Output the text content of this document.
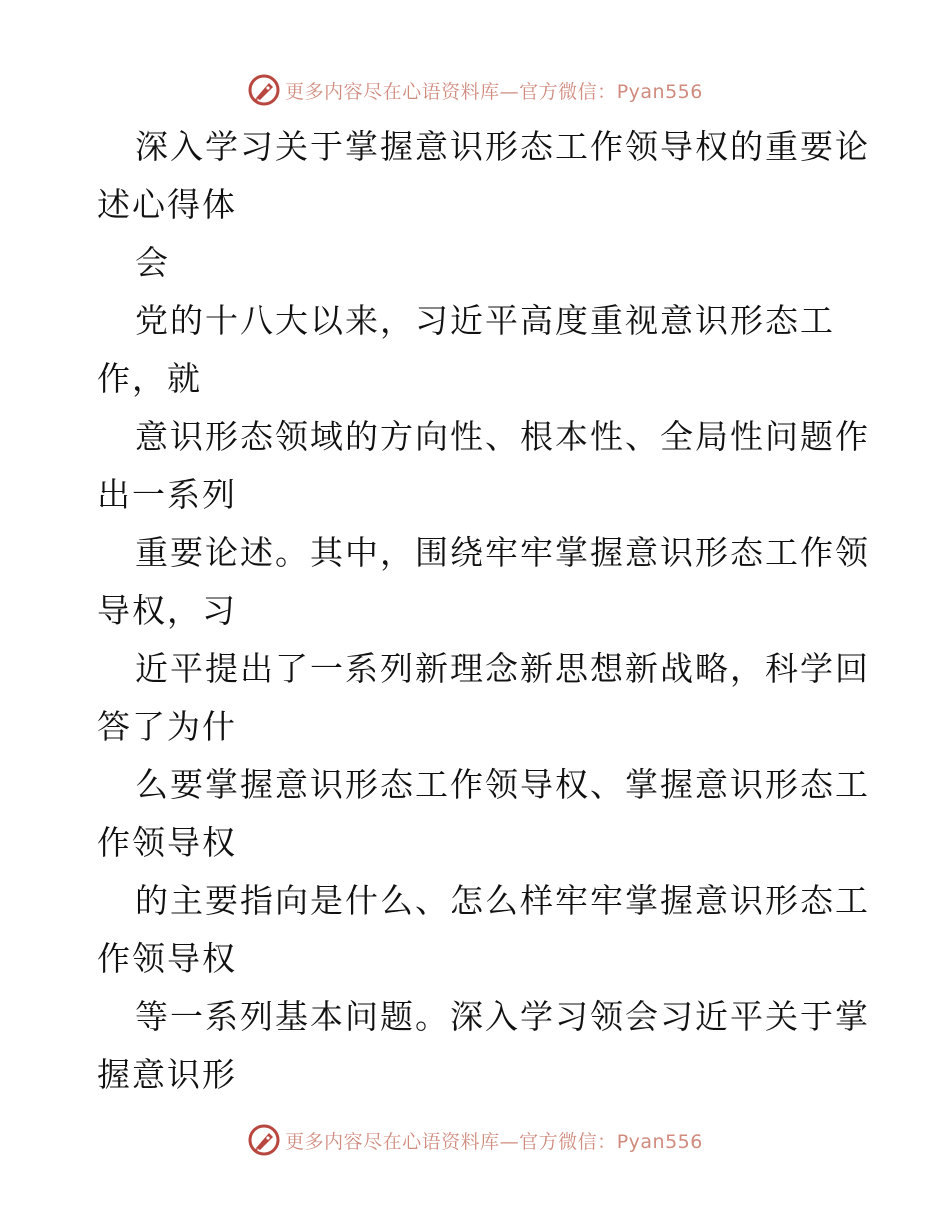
更多内容尽在心语资料库—官方微信：Pyan556
深入学习关于掌握意识形态工作领导权的重要论
述心得体
会
党的十八大以来，习近平高度重视意识形态工
作，就
意识形态领域的方向性、根本性、全局性问题作
出一系列
重要论述。其中，围绕牢牢掌握意识形态工作领
导权，习
近平提出了一系列新理念新思想新战略，科学回
答了为什
么要掌握意识形态工作领导权、掌握意识形态工
作领导权
的主要指向是什么、怎么样牢牢掌握意识形态工
作领导权
等一系列基本问题。深入学习领会习近平关于掌
握意识形
更多内容尽在心语资料库—官方微信：Pyan556
